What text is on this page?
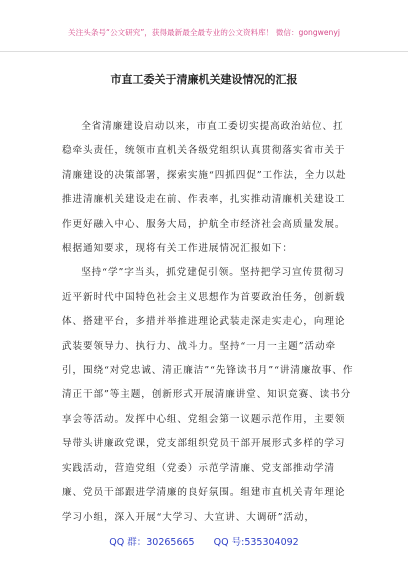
关注头条号“公文研究”，获得最新最全最专业的公文资料库！ 微信：gongwenyj
市直工委关于清廉机关建设情况的汇报

全省清廉建设启动以来，市直工委切实提高政治站位、扛稳牵头责任，统领市直机关各级党组织认真贯彻落实省市关于清廉建设的决策部署，探索实施“四抓四促”工作法，全力以赴推进清廉机关建设走在前、作表率，扎实推动清廉机关建设工作更好融入中心、服务大局，护航全市经济社会高质量发展。根据通知要求，现将有关工作进展情况汇报如下：

坚持“学”字当头，抓党建促引领。坚持把学习宣传贯彻习近平新时代中国特色社会主义思想作为首要政治任务，创新载体、搭建平台，多措并举推进理论武装走深走实走心，向理论武装要领导力、执行力、战斗力。坚持“一月一主题”活动牵引，围绕“对党忠诚、清正廉洁”“先锋读书月”“讲清廉故事、作清正干部”等主题，创新形式开展清廉讲堂、知识竞赛、读书分享会等活动。发挥中心组、党组会第一议题示范作用，主要领导带头讲廉政党课，党支部组织党员干部开展形式多样的学习实践活动，营造党组（党委）示范学清廉、党支部推动学清廉、党员干部跟进学清廉的良好氛围。组建市直机关青年理论学习小组，深入开展“大学习、大宣讲、大调研”活动，

QQ 群：30265665 QQ 号:535304092
